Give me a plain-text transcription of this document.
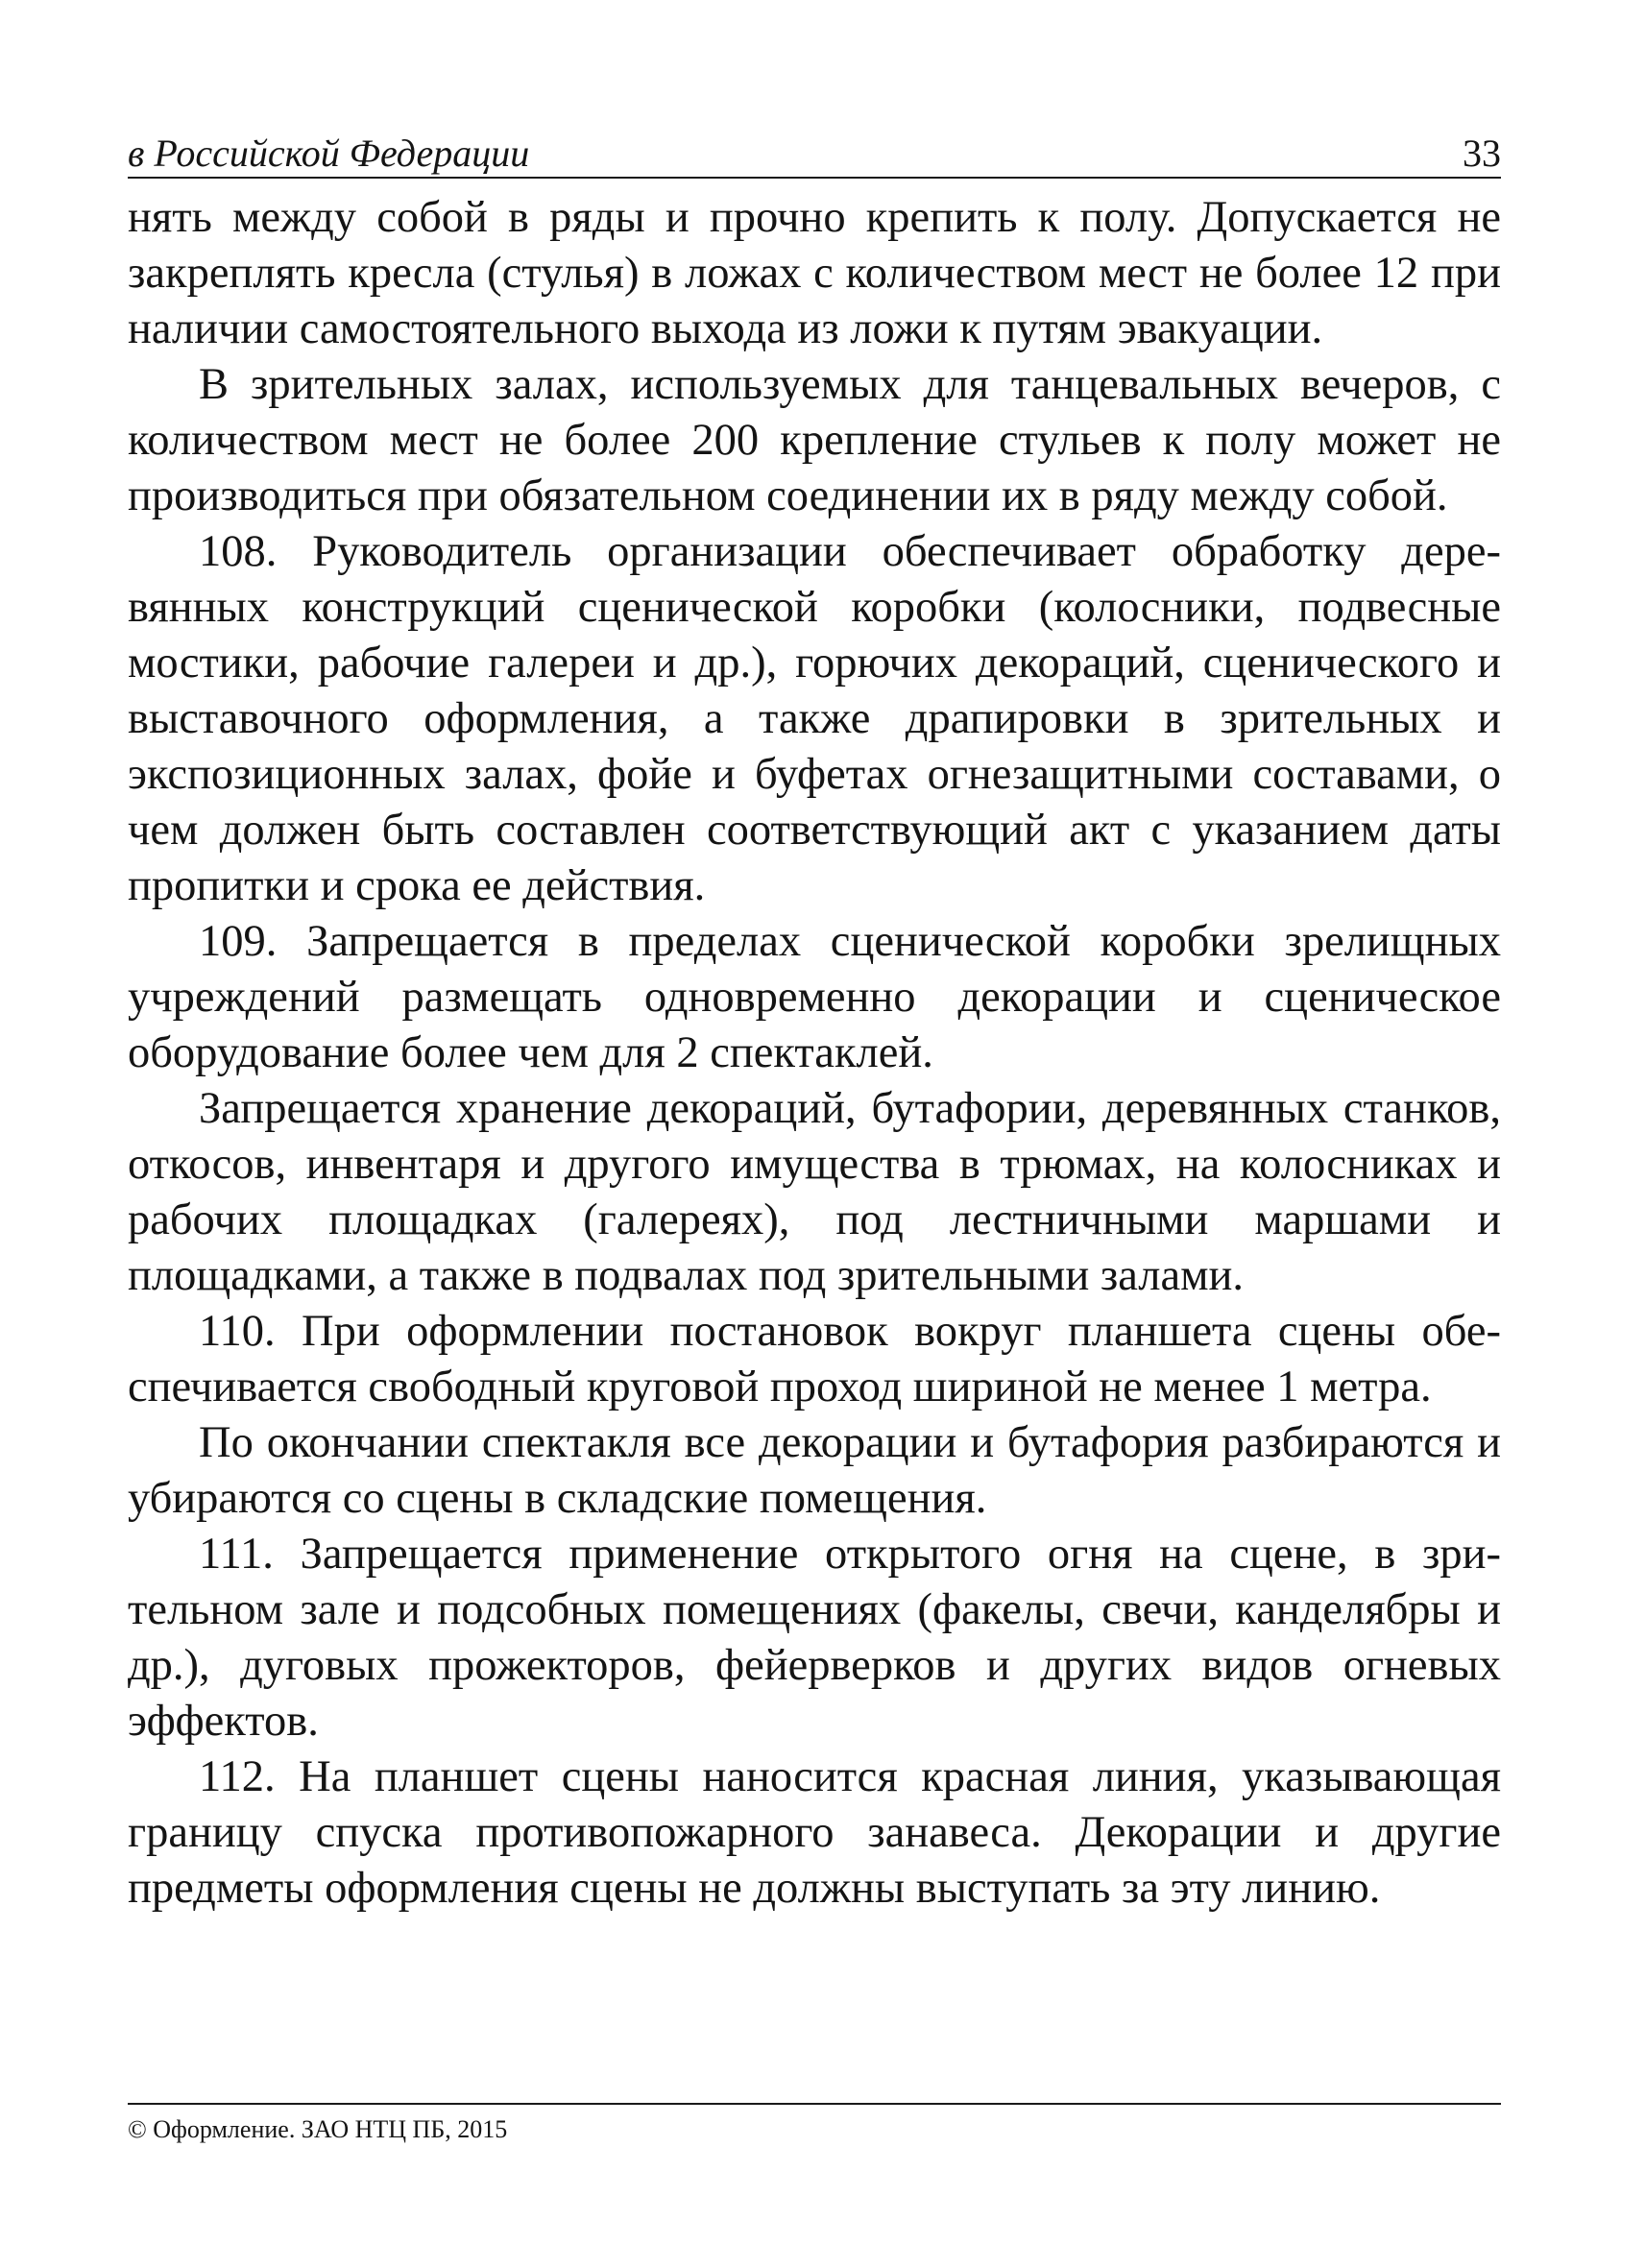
в Российской Федерации	33

нять между собой в ряды и прочно крепить к полу. Допускается не закреплять кресла (стулья) в ложах с количеством мест не более 12 при наличии самостоятельного выхода из ложи к путям эвакуации.

В зрительных залах, используемых для танцевальных вечеров, с количеством мест не более 200 крепление стульев к полу может не производиться при обязательном соединении их в ряду между собой.

108. Руководитель организации обеспечивает обработку деревянных конструкций сценической коробки (колосники, подвесные мостики, рабочие галереи и др.), горючих декораций, сценического и выставочного оформления, а также драпировки в зрительных и экспозиционных залах, фойе и буфетах огнезащитными составами, о чем должен быть составлен соответствующий акт с указанием даты пропитки и срока ее действия.

109. Запрещается в пределах сценической коробки зрелищных учреждений размещать одновременно декорации и сценическое оборудование более чем для 2 спектаклей.

Запрещается хранение декораций, бутафории, деревянных станков, откосов, инвентаря и другого имущества в трюмах, на колосниках и рабочих площадках (галереях), под лестничными маршами и площадками, а также в подвалах под зрительными залами.

110. При оформлении постановок вокруг планшета сцены обеспечивается свободный круговой проход шириной не менее 1 метра.

По окончании спектакля все декорации и бутафория разбираются и убираются со сцены в складские помещения.

111. Запрещается применение открытого огня на сцене, в зрительном зале и подсобных помещениях (факелы, свечи, канделябры и др.), дуговых прожекторов, фейерверков и других видов огневых эффектов.

112. На планшет сцены наносится красная линия, указывающая границу спуска противопожарного занавеса. Декорации и другие предметы оформления сцены не должны выступать за эту линию.

© Оформление. ЗАО НТЦ ПБ, 2015
